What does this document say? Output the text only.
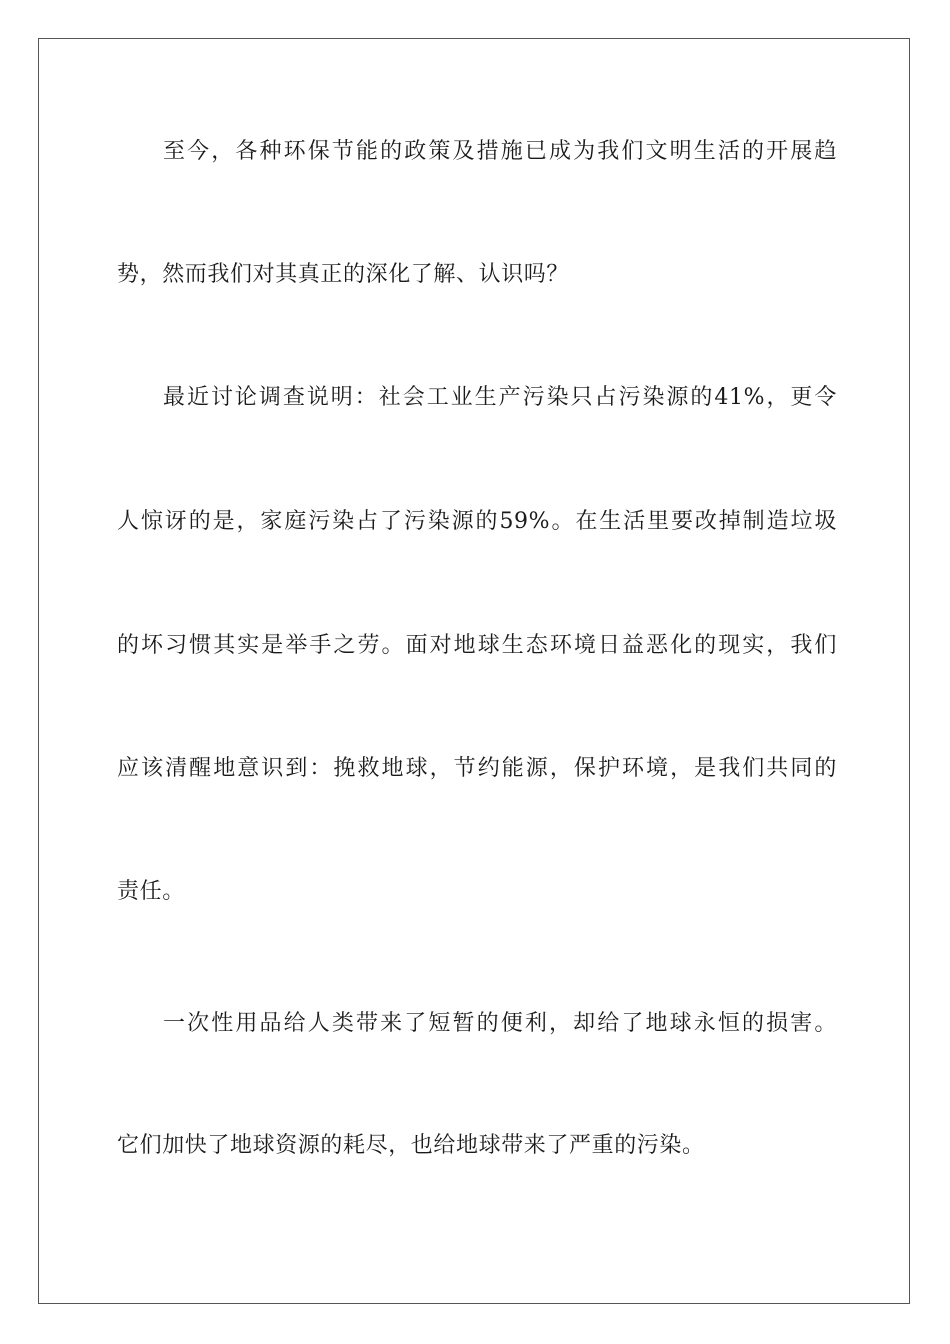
至今，各种环保节能的政策及措施已成为我们文明生活的开展趋
势，然而我们对其真正的深化了解、认识吗？
最近讨论调查说明：社会工业生产污染只占污染源的41%，更令
人惊讶的是，家庭污染占了污染源的59%。在生活里要改掉制造垃圾
的坏习惯其实是举手之劳。面对地球生态环境日益恶化的现实，我们
应该清醒地意识到：挽救地球，节约能源，保护环境，是我们共同的
责任。
一次性用品给人类带来了短暂的便利，却给了地球永恒的损害。
它们加快了地球资源的耗尽，也给地球带来了严重的污染。
